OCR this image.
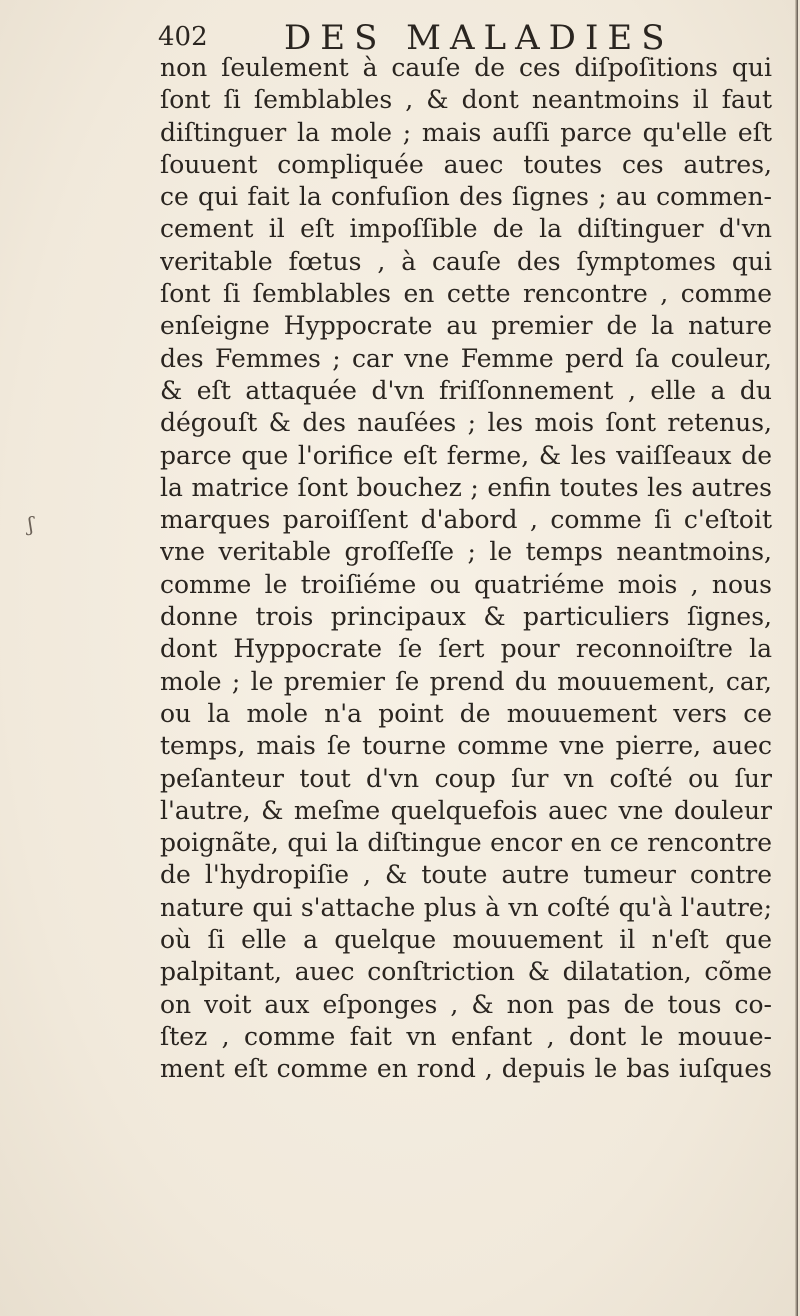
402 DES MALADIES
ʃ
non ſeulement à cauſe de ces diſpoſitions qui
ſont ſi ſemblables , & dont neantmoins il faut
diſtinguer la mole ; mais auſſi parce qu'elle eſt
ſouuent compliquée auec toutes ces autres,
ce qui fait la confuſion des ſignes ; au commen-
cement il eſt impoſſible de la diſtinguer d'vn
veritable fœtus , à cauſe des ſymptomes qui
ſont ſi ſemblables en cette rencontre , comme
enſeigne Hyppocrate au premier de la nature
des Femmes ; car vne Femme perd ſa couleur,
& eſt attaquée d'vn friſſonnement , elle a du
dégouſt & des nauſées ; les mois ſont retenus,
parce que l'orifice eſt ferme, & les vaiſſeaux de
la matrice ſont bouchez ; enfin toutes les autres
marques paroiſſent d'abord , comme ſi c'eſtoit
vne veritable groſſeſſe ; le temps neantmoins,
comme le troiſiéme ou quatriéme mois , nous
donne trois principaux & particuliers ſignes,
dont Hyppocrate ſe ſert pour reconnoiſtre la
mole ; le premier ſe prend du mouuement, car,
ou la mole n'a point de mouuement vers ce
temps, mais ſe tourne comme vne pierre, auec
peſanteur tout d'vn coup ſur vn coſté ou ſur
l'autre, & meſme quelquefois auec vne douleur
poignãte, qui la diſtingue encor en ce rencontre
de l'hydropiſie , & toute autre tumeur contre
nature qui s'attache plus à vn coſté qu'à l'autre;
où ſi elle a quelque mouuement il n'eſt que
palpitant, auec conſtriction & dilatation, cõme
on voit aux eſponges , & non pas de tous co-
ſtez , comme fait vn enfant , dont le mouue-
ment eſt comme en rond , depuis le bas iuſques
